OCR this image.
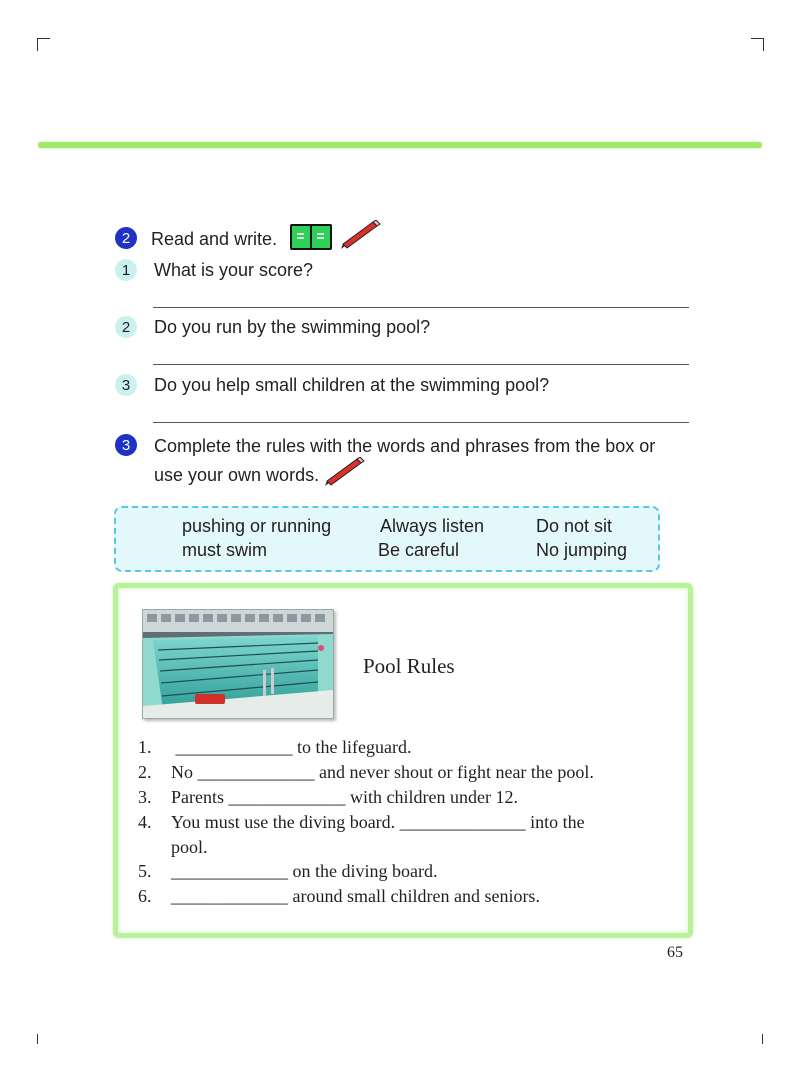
2	Read and write.
1	What is your score?
2	Do you run by the swimming pool?
3	Do you help small children at the swimming pool?
3	Complete the rules with the words and phrases from the box or
use your own words.
pushing or running	Always listen	Do not sit
must swim	Be careful	No jumping
Pool Rules
1.	_____________ to the lifeguard.
2.	No _____________ and never shout or fight near the pool.
3.	Parents _____________ with children under 12.
4.	You must use the diving board. ______________ into the
pool.
5.	_____________ on the diving board.
6.	_____________ around small children and seniors.
65
